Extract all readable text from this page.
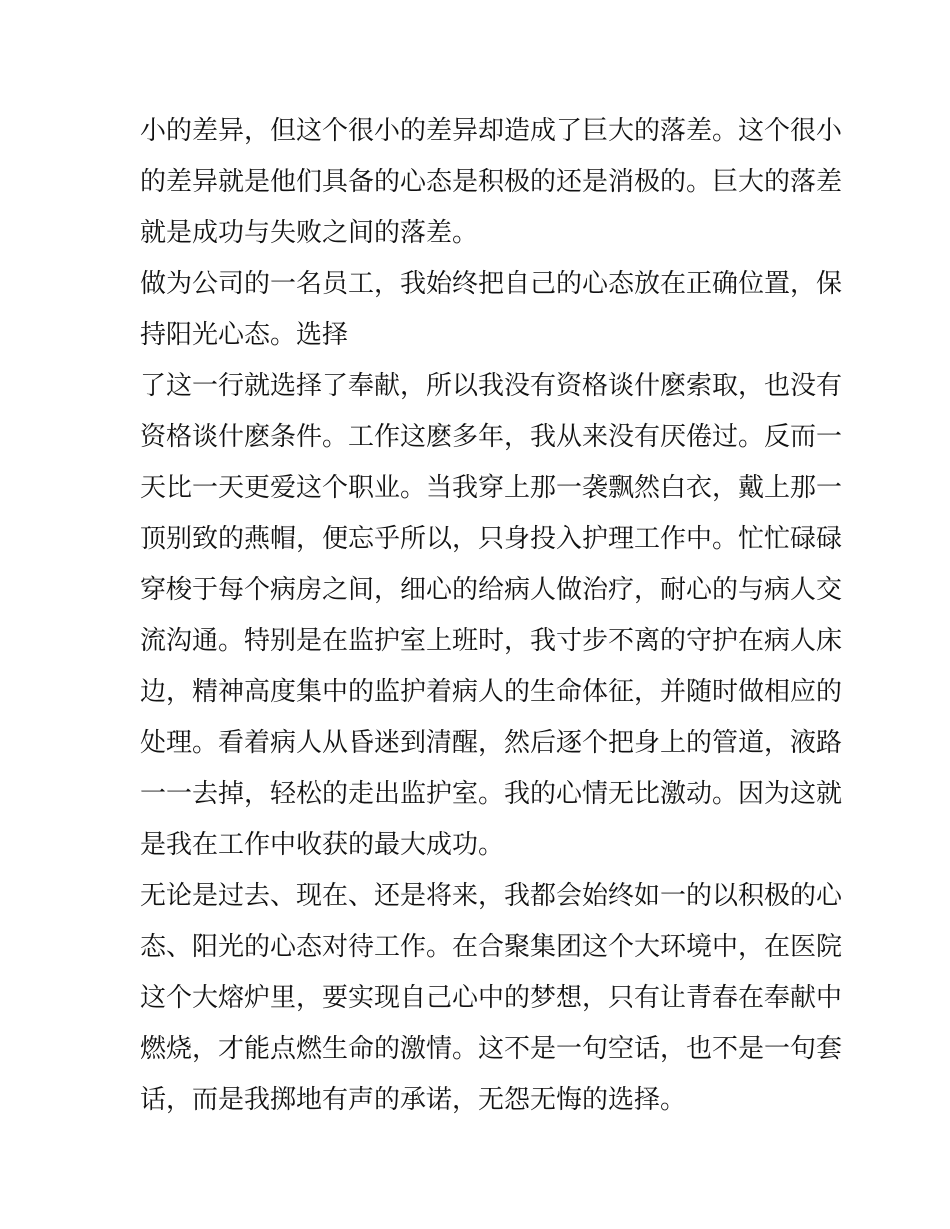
小的差异，但这个很小的差异却造成了巨大的落差。这个很小
的差异就是他们具备的心态是积极的还是消极的。巨大的落差
就是成功与失败之间的落差。
做为公司的一名员工，我始终把自己的心态放在正确位置，保
持阳光心态。选择
了这一行就选择了奉献，所以我没有资格谈什麽索取，也没有
资格谈什麽条件。工作这麽多年，我从来没有厌倦过。反而一
天比一天更爱这个职业。当我穿上那一袭飘然白衣，戴上那一
顶别致的燕帽，便忘乎所以，只身投入护理工作中。忙忙碌碌
穿梭于每个病房之间，细心的给病人做治疗，耐心的与病人交
流沟通。特别是在监护室上班时，我寸步不离的守护在病人床
边，精神高度集中的监护着病人的生命体征，并随时做相应的
处理。看着病人从昏迷到清醒，然后逐个把身上的管道，液路
一一去掉，轻松的走出监护室。我的心情无比激动。因为这就
是我在工作中收获的最大成功。
无论是过去、现在、还是将来，我都会始终如一的以积极的心
态、阳光的心态对待工作。在合聚集团这个大环境中，在医院
这个大熔炉里，要实现自己心中的梦想，只有让青春在奉献中
燃烧，才能点燃生命的激情。这不是一句空话，也不是一句套
话，而是我掷地有声的承诺，无怨无悔的选择。
